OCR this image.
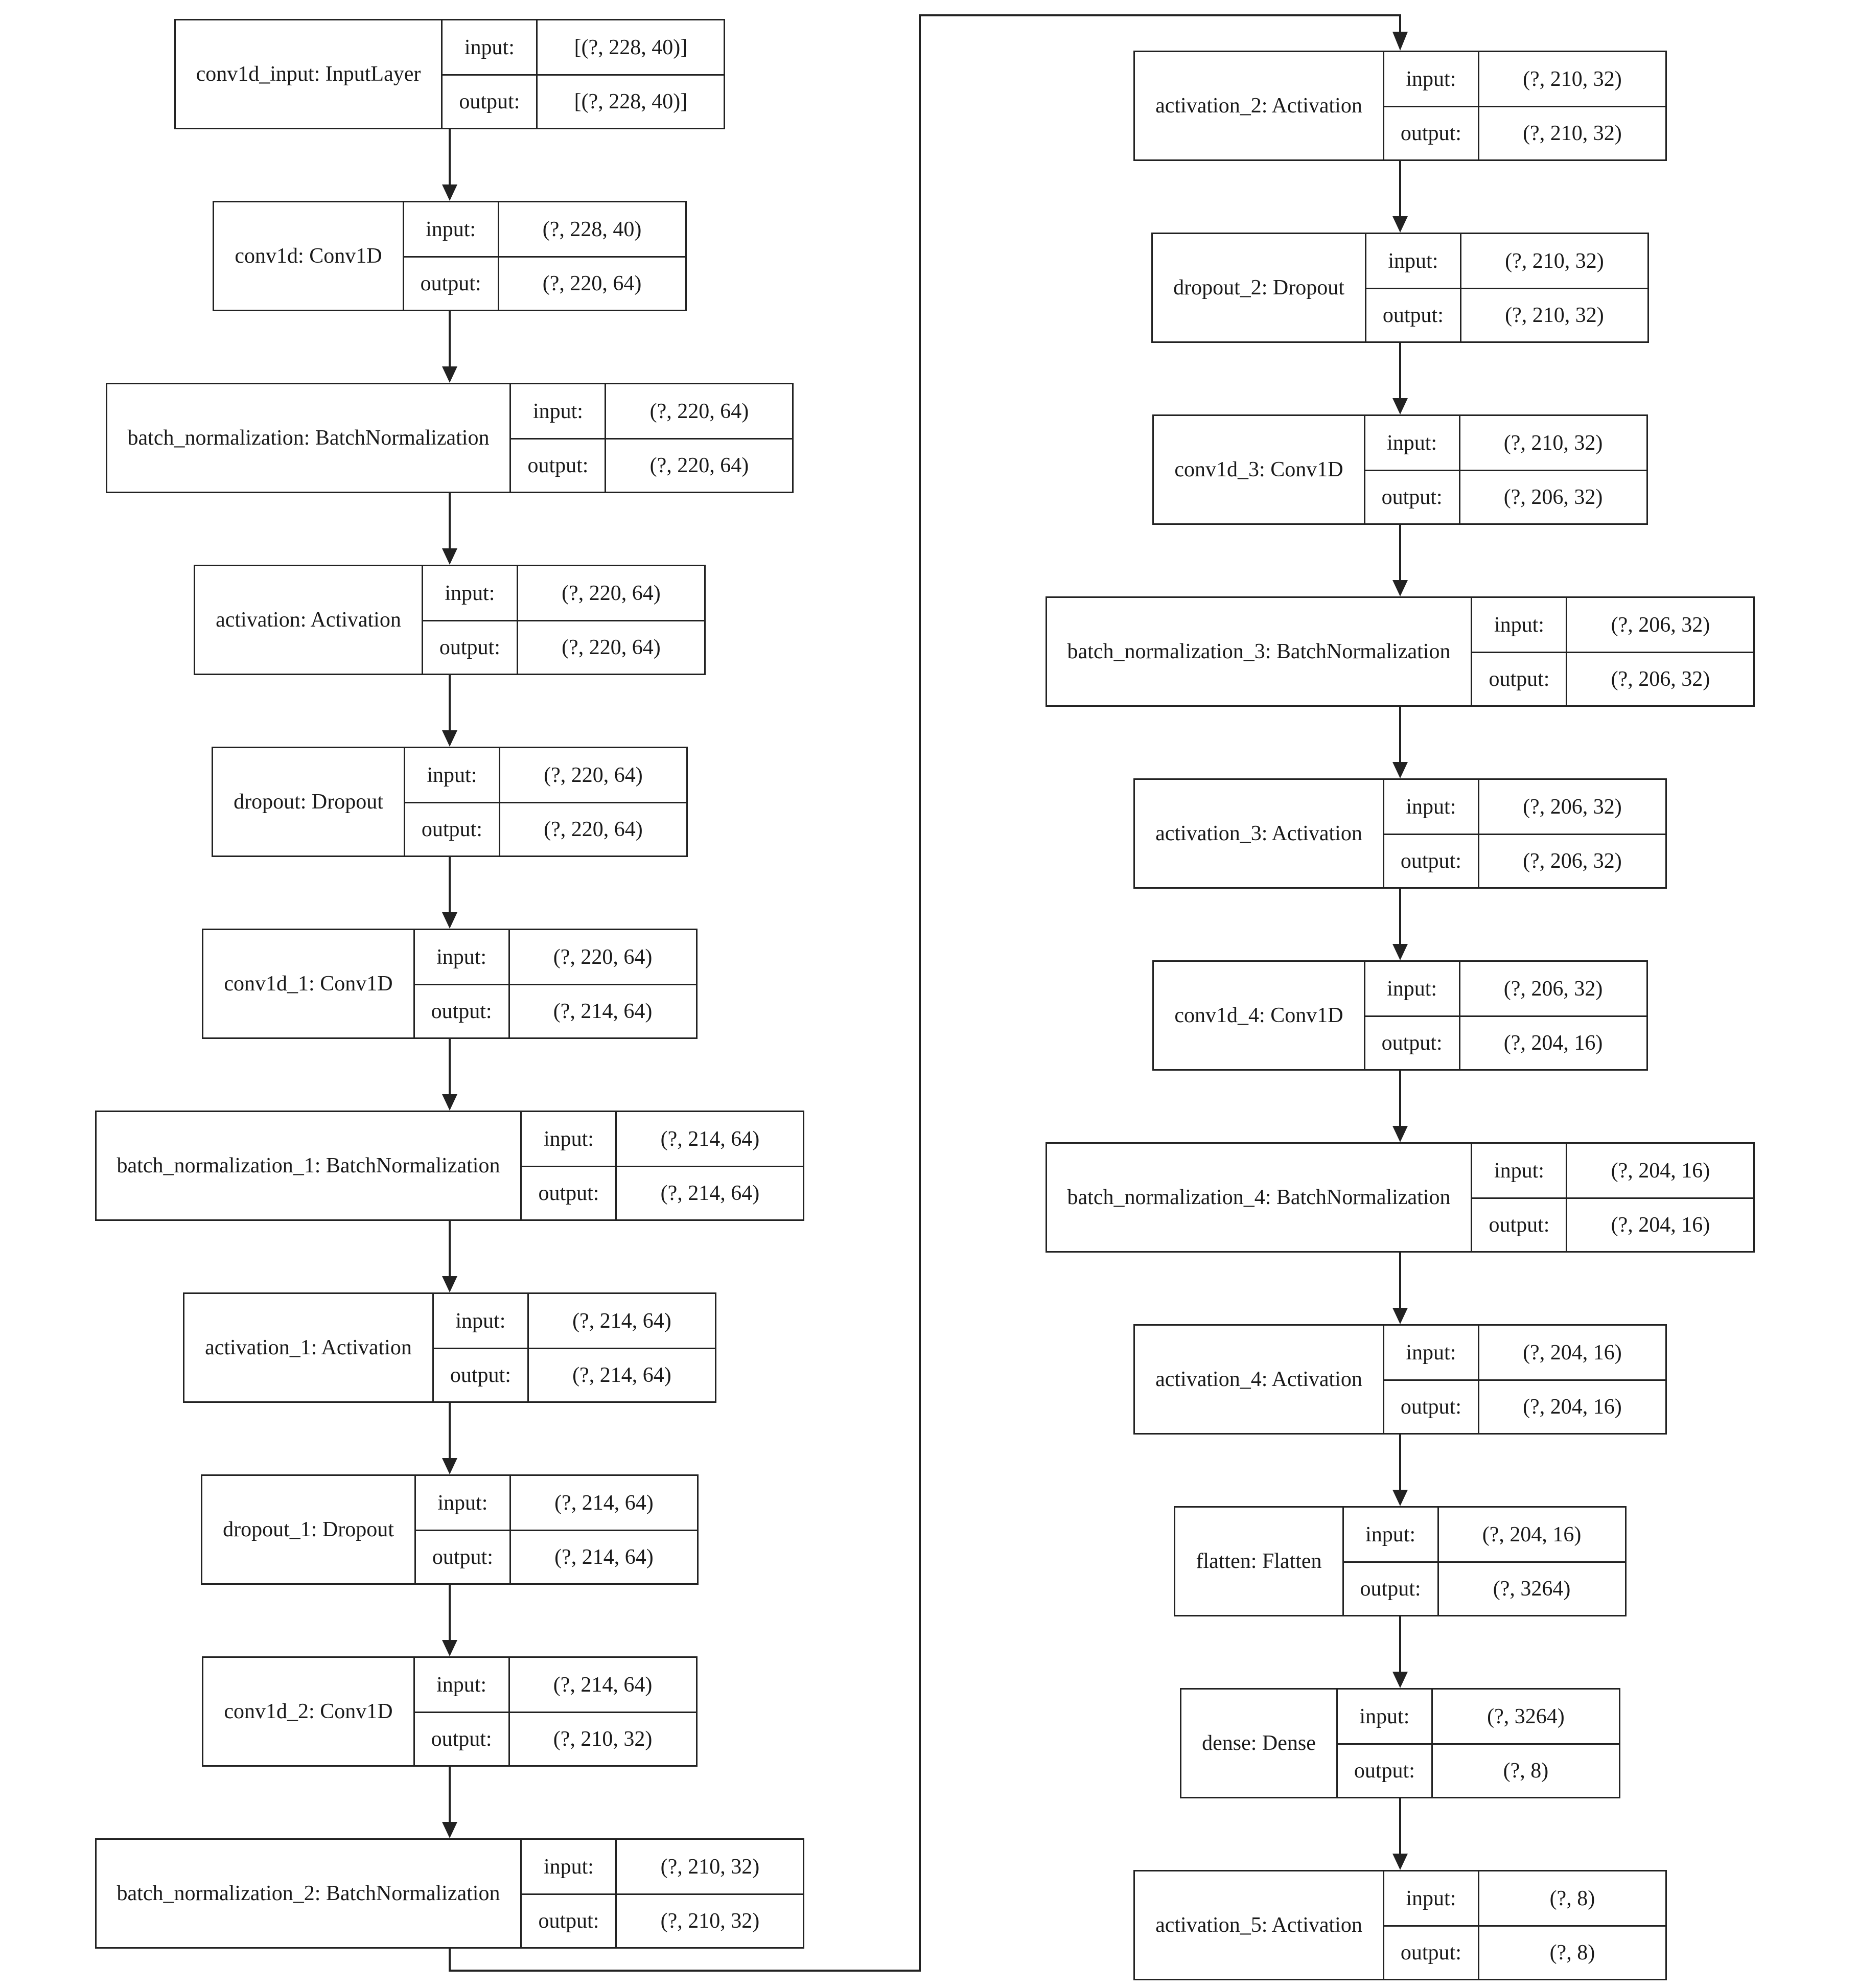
conv1d_input: InputLayer
input:	[(?, 228, 40)]
output:	[(?, 228, 40)]
conv1d: Conv1D
input:	(?, 228, 40)
output:	(?, 220, 64)
batch_normalization: BatchNormalization
input:	(?, 220, 64)
output:	(?, 220, 64)
activation: Activation
input:	(?, 220, 64)
output:	(?, 220, 64)
dropout: Dropout
input:	(?, 220, 64)
output:	(?, 220, 64)
conv1d_1: Conv1D
input:	(?, 220, 64)
output:	(?, 214, 64)
batch_normalization_1: BatchNormalization
input:	(?, 214, 64)
output:	(?, 214, 64)
activation_1: Activation
input:	(?, 214, 64)
output:	(?, 214, 64)
dropout_1: Dropout
input:	(?, 214, 64)
output:	(?, 214, 64)
conv1d_2: Conv1D
input:	(?, 214, 64)
output:	(?, 210, 32)
batch_normalization_2: BatchNormalization
input:	(?, 210, 32)
output:	(?, 210, 32)
activation_2: Activation
input:	(?, 210, 32)
output:	(?, 210, 32)
dropout_2: Dropout
input:	(?, 210, 32)
output:	(?, 210, 32)
conv1d_3: Conv1D
input:	(?, 210, 32)
output:	(?, 206, 32)
batch_normalization_3: BatchNormalization
input:	(?, 206, 32)
output:	(?, 206, 32)
activation_3: Activation
input:	(?, 206, 32)
output:	(?, 206, 32)
conv1d_4: Conv1D
input:	(?, 206, 32)
output:	(?, 204, 16)
batch_normalization_4: BatchNormalization
input:	(?, 204, 16)
output:	(?, 204, 16)
activation_4: Activation
input:	(?, 204, 16)
output:	(?, 204, 16)
flatten: Flatten
input:	(?, 204, 16)
output:	(?, 3264)
dense: Dense
input:	(?, 3264)
output:	(?, 8)
activation_5: Activation
input:	(?, 8)
output:	(?, 8)
